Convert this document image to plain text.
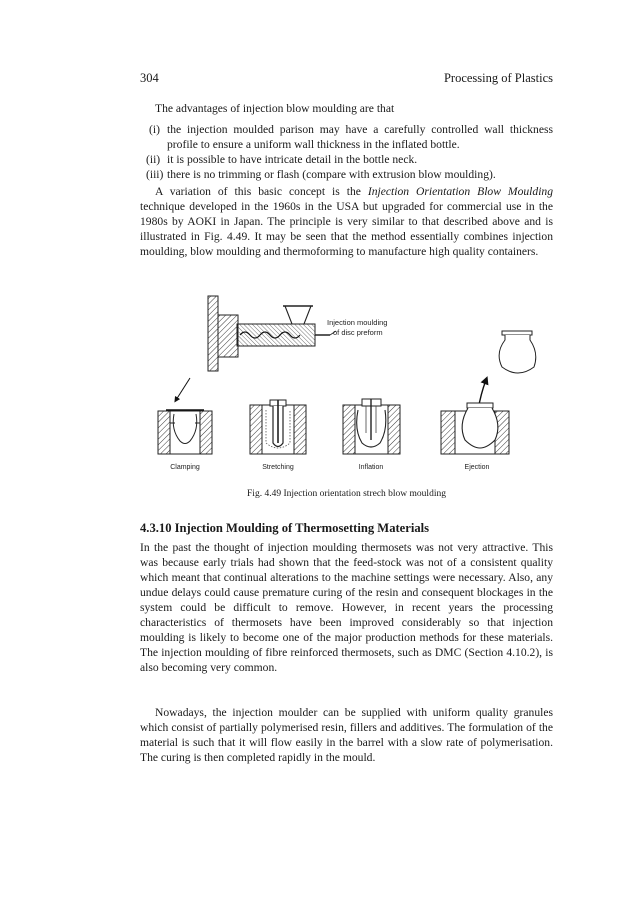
304	Processing of Plastics

The advantages of injection blow moulding are that

(i) the injection moulded parison may have a carefully controlled wall thickness profile to ensure a uniform wall thickness in the inflated bottle.
(ii) it is possible to have intricate detail in the bottle neck.
(iii) there is no trimming or flash (compare with extrusion blow moulding).

A variation of this basic concept is the Injection Orientation Blow Moulding technique developed in the 1960s in the USA but upgraded for commercial use in the 1980s by AOKI in Japan. The principle is very similar to that described above and is illustrated in Fig. 4.49. It may be seen that the method essentially combines injection moulding, blow moulding and thermoforming to manufacture high quality containers.

Injection moulding
of disc preform
Clamping	Stretching	Inflation	Ejection
Fig. 4.49 Injection orientation strech blow moulding
4.3.10 Injection Moulding of Thermosetting Materials

In the past the thought of injection moulding thermosets was not very attractive. This was because early trials had shown that the feed-stock was not of a consistent quality which meant that continual alterations to the machine settings were necessary. Also, any undue delays could cause premature curing of the resin and consequent blockages in the system could be difficult to remove. However, in recent years the processing characteristics of thermosets have been improved considerably so that injection moulding is likely to become one of the major production methods for these materials. The injection moulding of fibre reinforced thermosets, such as DMC (Section 4.10.2), is also becoming very common.

Nowadays, the injection moulder can be supplied with uniform quality granules which consist of partially polymerised resin, fillers and additives. The formulation of the material is such that it will flow easily in the barrel with a slow rate of polymerisation. The curing is then completed rapidly in the mould.
